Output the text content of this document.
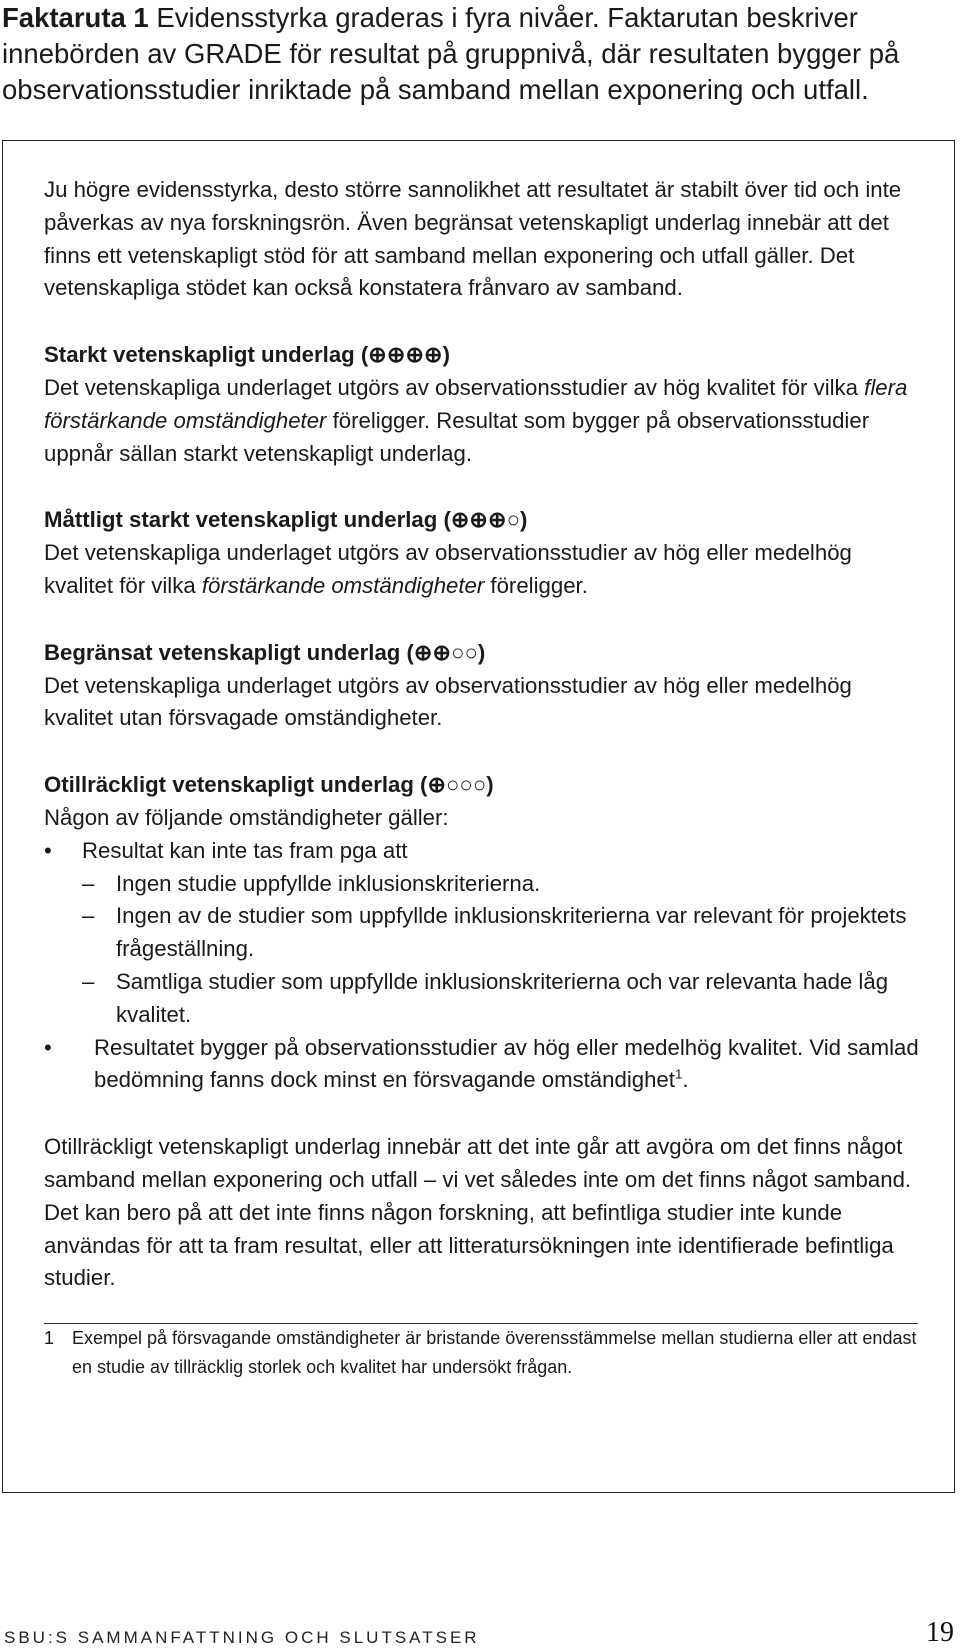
Faktaruta 1 Evidensstyrka graderas i fyra nivåer. Faktarutan beskriver innebörden av GRADE för resultat på gruppnivå, där resultaten bygger på observationsstudier inriktade på samband mellan exponering och utfall.

Ju högre evidensstyrka, desto större sannolikhet att resultatet är stabilt över tid och inte påverkas av nya forskningsrön. Även begränsat vetenskapligt underlag innebär att det finns ett vetenskapligt stöd för att samband mellan exponering och utfall gäller. Det vetenskapliga stödet kan också konstatera frånvaro av samband.

Starkt vetenskapligt underlag (⊕⊕⊕⊕)
Det vetenskapliga underlaget utgörs av observationsstudier av hög kvalitet för vilka flera förstärkande omständigheter föreligger. Resultat som bygger på observationsstudier uppnår sällan starkt vetenskapligt underlag.

Måttligt starkt vetenskapligt underlag (⊕⊕⊕○)
Det vetenskapliga underlaget utgörs av observationsstudier av hög eller medelhög kvalitet för vilka förstärkande omständigheter föreligger.

Begränsat vetenskapligt underlag (⊕⊕○○)
Det vetenskapliga underlaget utgörs av observationsstudier av hög eller medelhög kvalitet utan försvagade omständigheter.

Otillräckligt vetenskapligt underlag (⊕○○○)
Någon av följande omständigheter gäller:

• Resultat kan inte tas fram pga att
– Ingen studie uppfyllde inklusionskriterierna.
– Ingen av de studier som uppfyllde inklusionskriterierna var relevant för projektets frågeställning.
– Samtliga studier som uppfyllde inklusionskriterierna och var relevanta hade låg kvalitet.
• Resultatet bygger på observationsstudier av hög eller medelhög kvalitet. Vid samlad bedömning fanns dock minst en försvagande omständighet$^1$.

Otillräckligt vetenskapligt underlag innebär att det inte går att avgöra om det finns något samband mellan exponering och utfall – vi vet således inte om det finns något samband. Det kan bero på att det inte finns någon forskning, att befintliga studier inte kunde användas för att ta fram resultat, eller att litteratursökningen inte identifierade befintliga studier.

1 Exempel på försvagande omständigheter är bristande överensstämmelse mellan studierna eller att endast en studie av tillräcklig storlek och kvalitet har undersökt frågan.

SBU:S SAMMANFATTNING OCH SLUTSATSER	19
